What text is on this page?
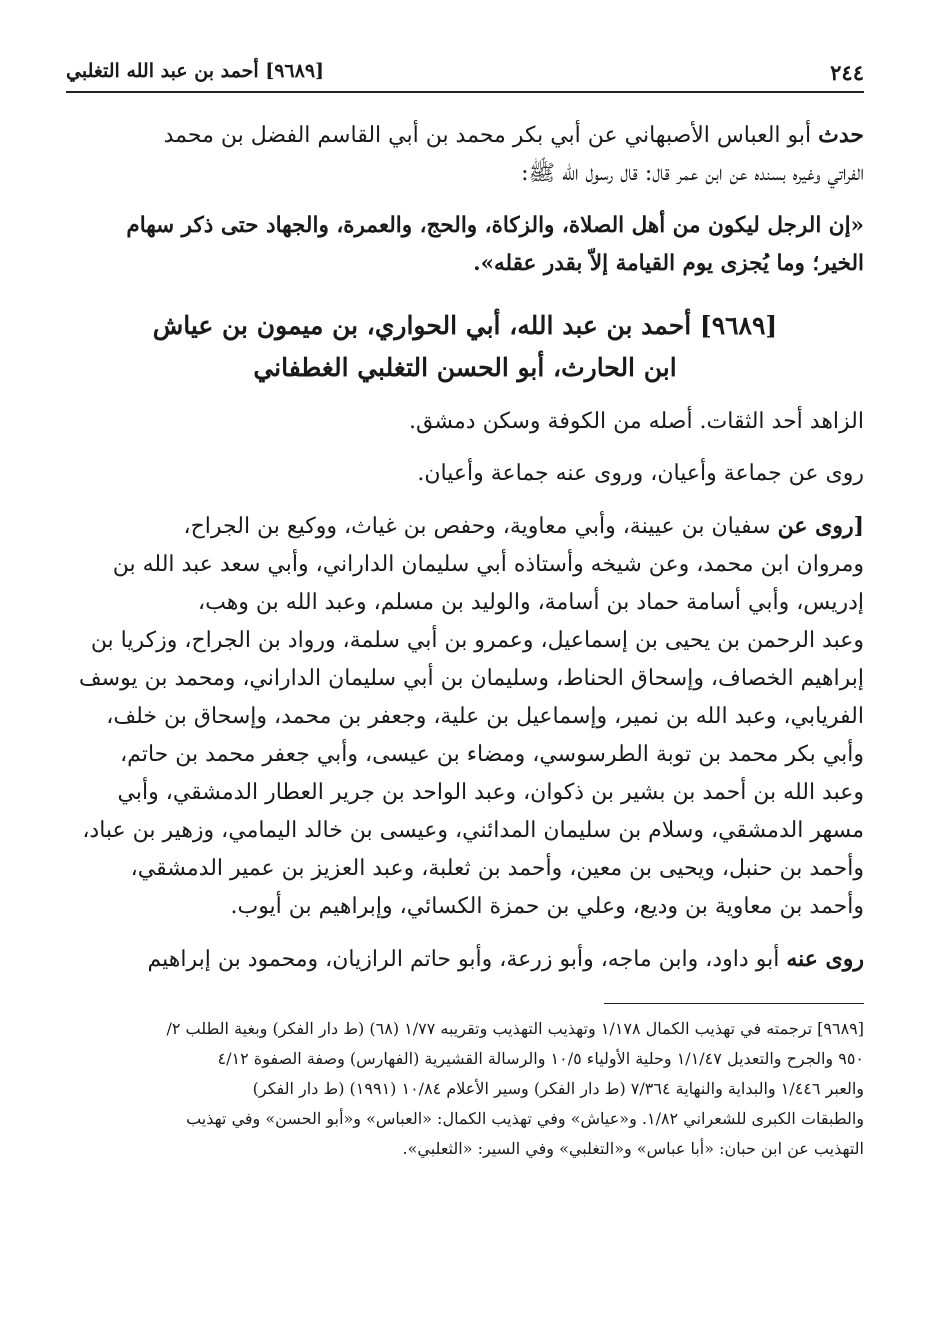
٢٤٤
[٩٦٨٩] أحمد بن عبد الله التغلبي

حدث أبو العباس الأصبهاني عن أبي بكر محمد بن أبي القاسم الفضل بن محمد
الفراتي وغيره بسنده عن ابن عمر قال: قال رسول الله ﷺ:

«إن الرجل ليكون من أهل الصلاة، والزكاة، والحج، والعمرة، والجهاد حتى ذكر سهام
الخير؛ وما يُجزى يوم القيامة إلاّ بقدر عقله».

[٩٦٨٩] أحمد بن عبد الله، أبي الحواري، بن ميمون بن عياش
ابن الحارث، أبو الحسن التغلبي الغطفاني

الزاهد أحد الثقات. أصله من الكوفة وسكن دمشق.

روى عن جماعة وأعيان، وروى عنه جماعة وأعيان.

[روى عن سفيان بن عيينة، وأبي معاوية، وحفص بن غياث، ووكيع بن الجراح،
ومروان ابن محمد، وعن شيخه وأستاذه أبي سليمان الداراني، وأبي سعد عبد الله بن
إدريس، وأبي أسامة حماد بن أسامة، والوليد بن مسلم، وعبد الله بن وهب،
وعبد الرحمن بن يحيى بن إسماعيل، وعمرو بن أبي سلمة، ورواد بن الجراح، وزكريا بن
إبراهيم الخصاف، وإسحاق الحناط، وسليمان بن أبي سليمان الداراني، ومحمد بن يوسف
الفريابي، وعبد الله بن نمير، وإسماعيل بن علية، وجعفر بن محمد، وإسحاق بن خلف،
وأبي بكر محمد بن توبة الطرسوسي، ومضاء بن عيسى، وأبي جعفر محمد بن حاتم،
وعبد الله بن أحمد بن بشير بن ذكوان، وعبد الواحد بن جرير العطار الدمشقي، وأبي
مسهر الدمشقي، وسلام بن سليمان المدائني، وعيسى بن خالد اليمامي، وزهير بن عباد،
وأحمد بن حنبل، ويحيى بن معين، وأحمد بن ثعلبة، وعبد العزيز بن عمير الدمشقي،
وأحمد بن معاوية بن وديع، وعلي بن حمزة الكسائي، وإبراهيم بن أيوب.

روى عنه أبو داود، وابن ماجه، وأبو زرعة، وأبو حاتم الرازيان، ومحمود بن إبراهيم

[٩٦٨٩] ترجمته في تهذيب الكمال ١/١٧٨ وتهذيب التهذيب وتقريبه ١/٧٧ (٦٨) (ط دار الفكر) وبغية الطلب ٢/
٩٥٠ والجرح والتعديل ١/١/٤٧ وحلية الأولياء ١٠/٥ والرسالة القشيرية (الفهارس) وصفة الصفوة ٤/١٢
والعبر ١/٤٤٦ والبداية والنهاية ٧/٣٦٤ (ط دار الفكر) وسير الأعلام ١٠/٨٤ (١٩٩١) (ط دار الفكر)
والطبقات الكبرى للشعراني ١/٨٢. و«عياش» وفي تهذيب الكمال: «العباس» و«أبو الحسن» وفي تهذيب
التهذيب عن ابن حبان: «أبا عباس» و«التغلبي» وفي السير: «الثعلبي».
